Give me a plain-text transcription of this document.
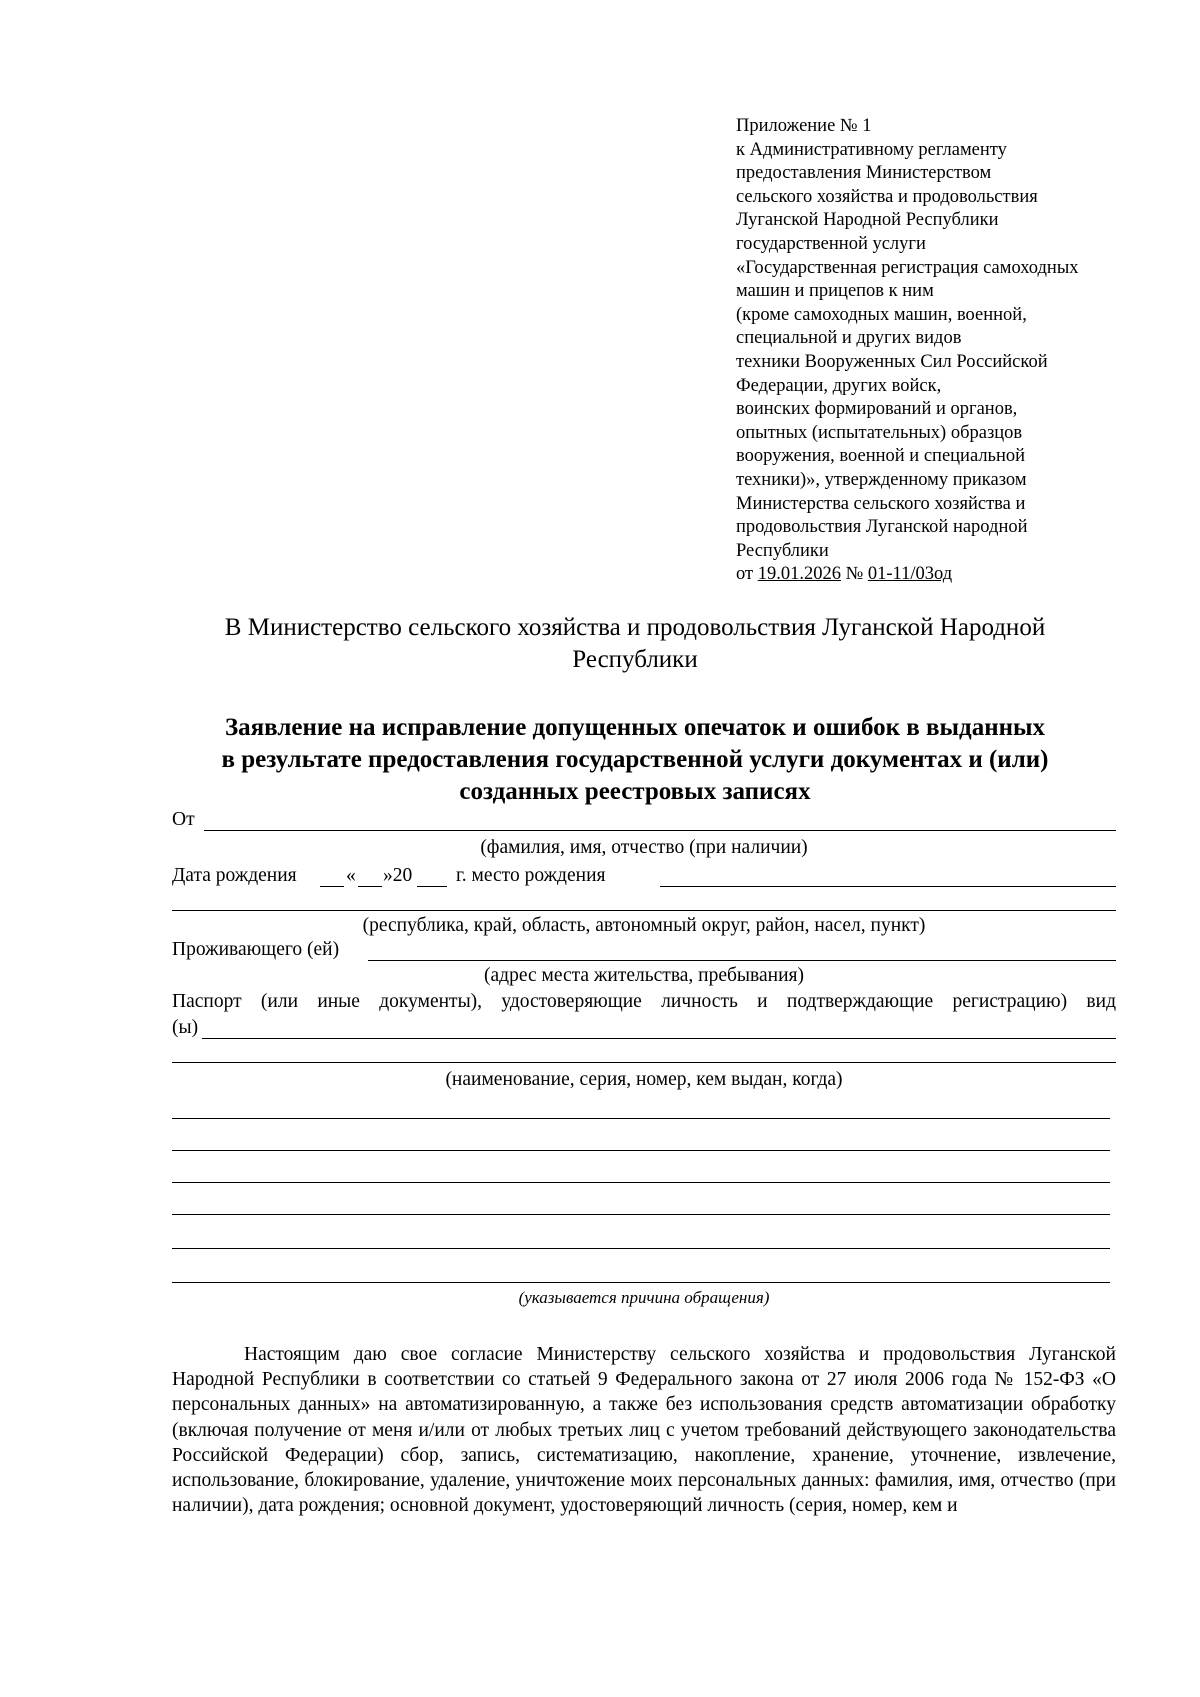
Приложение № 1
к Административному регламенту
предоставления Министерством
сельского хозяйства и продовольствия
Луганской Народной Республики
государственной услуги
«Государственная регистрация самоходных
машин и прицепов к ним
(кроме самоходных машин, военной,
специальной и других видов
техники Вооруженных Сил Российской
Федерации, других войск,
воинских формирований и органов,
опытных (испытательных) образцов
вооружения, военной и специальной
техники)», утвержденному приказом
Министерства сельского хозяйства и
продовольствия Луганской народной
Республики
от 19.01.2026 № 01-11/03од
В Министерство сельского хозяйства и продовольствия Луганской Народной Республики
Заявление на исправление допущенных опечаток и ошибок в выданных
в результате предоставления государственной услуги документах и (или)
созданных реестровых записях
От
(фамилия, имя, отчество (при наличии)
Дата рождения	« »20 г. место рождения
(республика, край, область, автономный округ, район, насел, пункт)
Проживающего (ей)
(адрес места жительства, пребывания)
Паспорт (или иные документы), удостоверяющие личность и подтверждающие регистрацию) вид
(ы)
(наименование, серия, номер, кем выдан, когда)
(указывается причина обращения)
Настоящим даю свое согласие Министерству сельского хозяйства и продовольствия Луганской Народной Республики в соответствии со статьей 9 Федерального закона от 27 июля 2006 года № 152-ФЗ «О персональных данных» на автоматизированную, а также без использования средств автоматизации обработку (включая получение от меня и/или от любых третьих лиц с учетом требований действующего законодательства Российской Федерации) сбор, запись, систематизацию, накопление, хранение, уточнение, извлечение, использование, блокирование, удаление, уничтожение моих персональных данных: фамилия, имя, отчество (при наличии), дата рождения; основной документ, удостоверяющий личность (серия, номер, кем и
